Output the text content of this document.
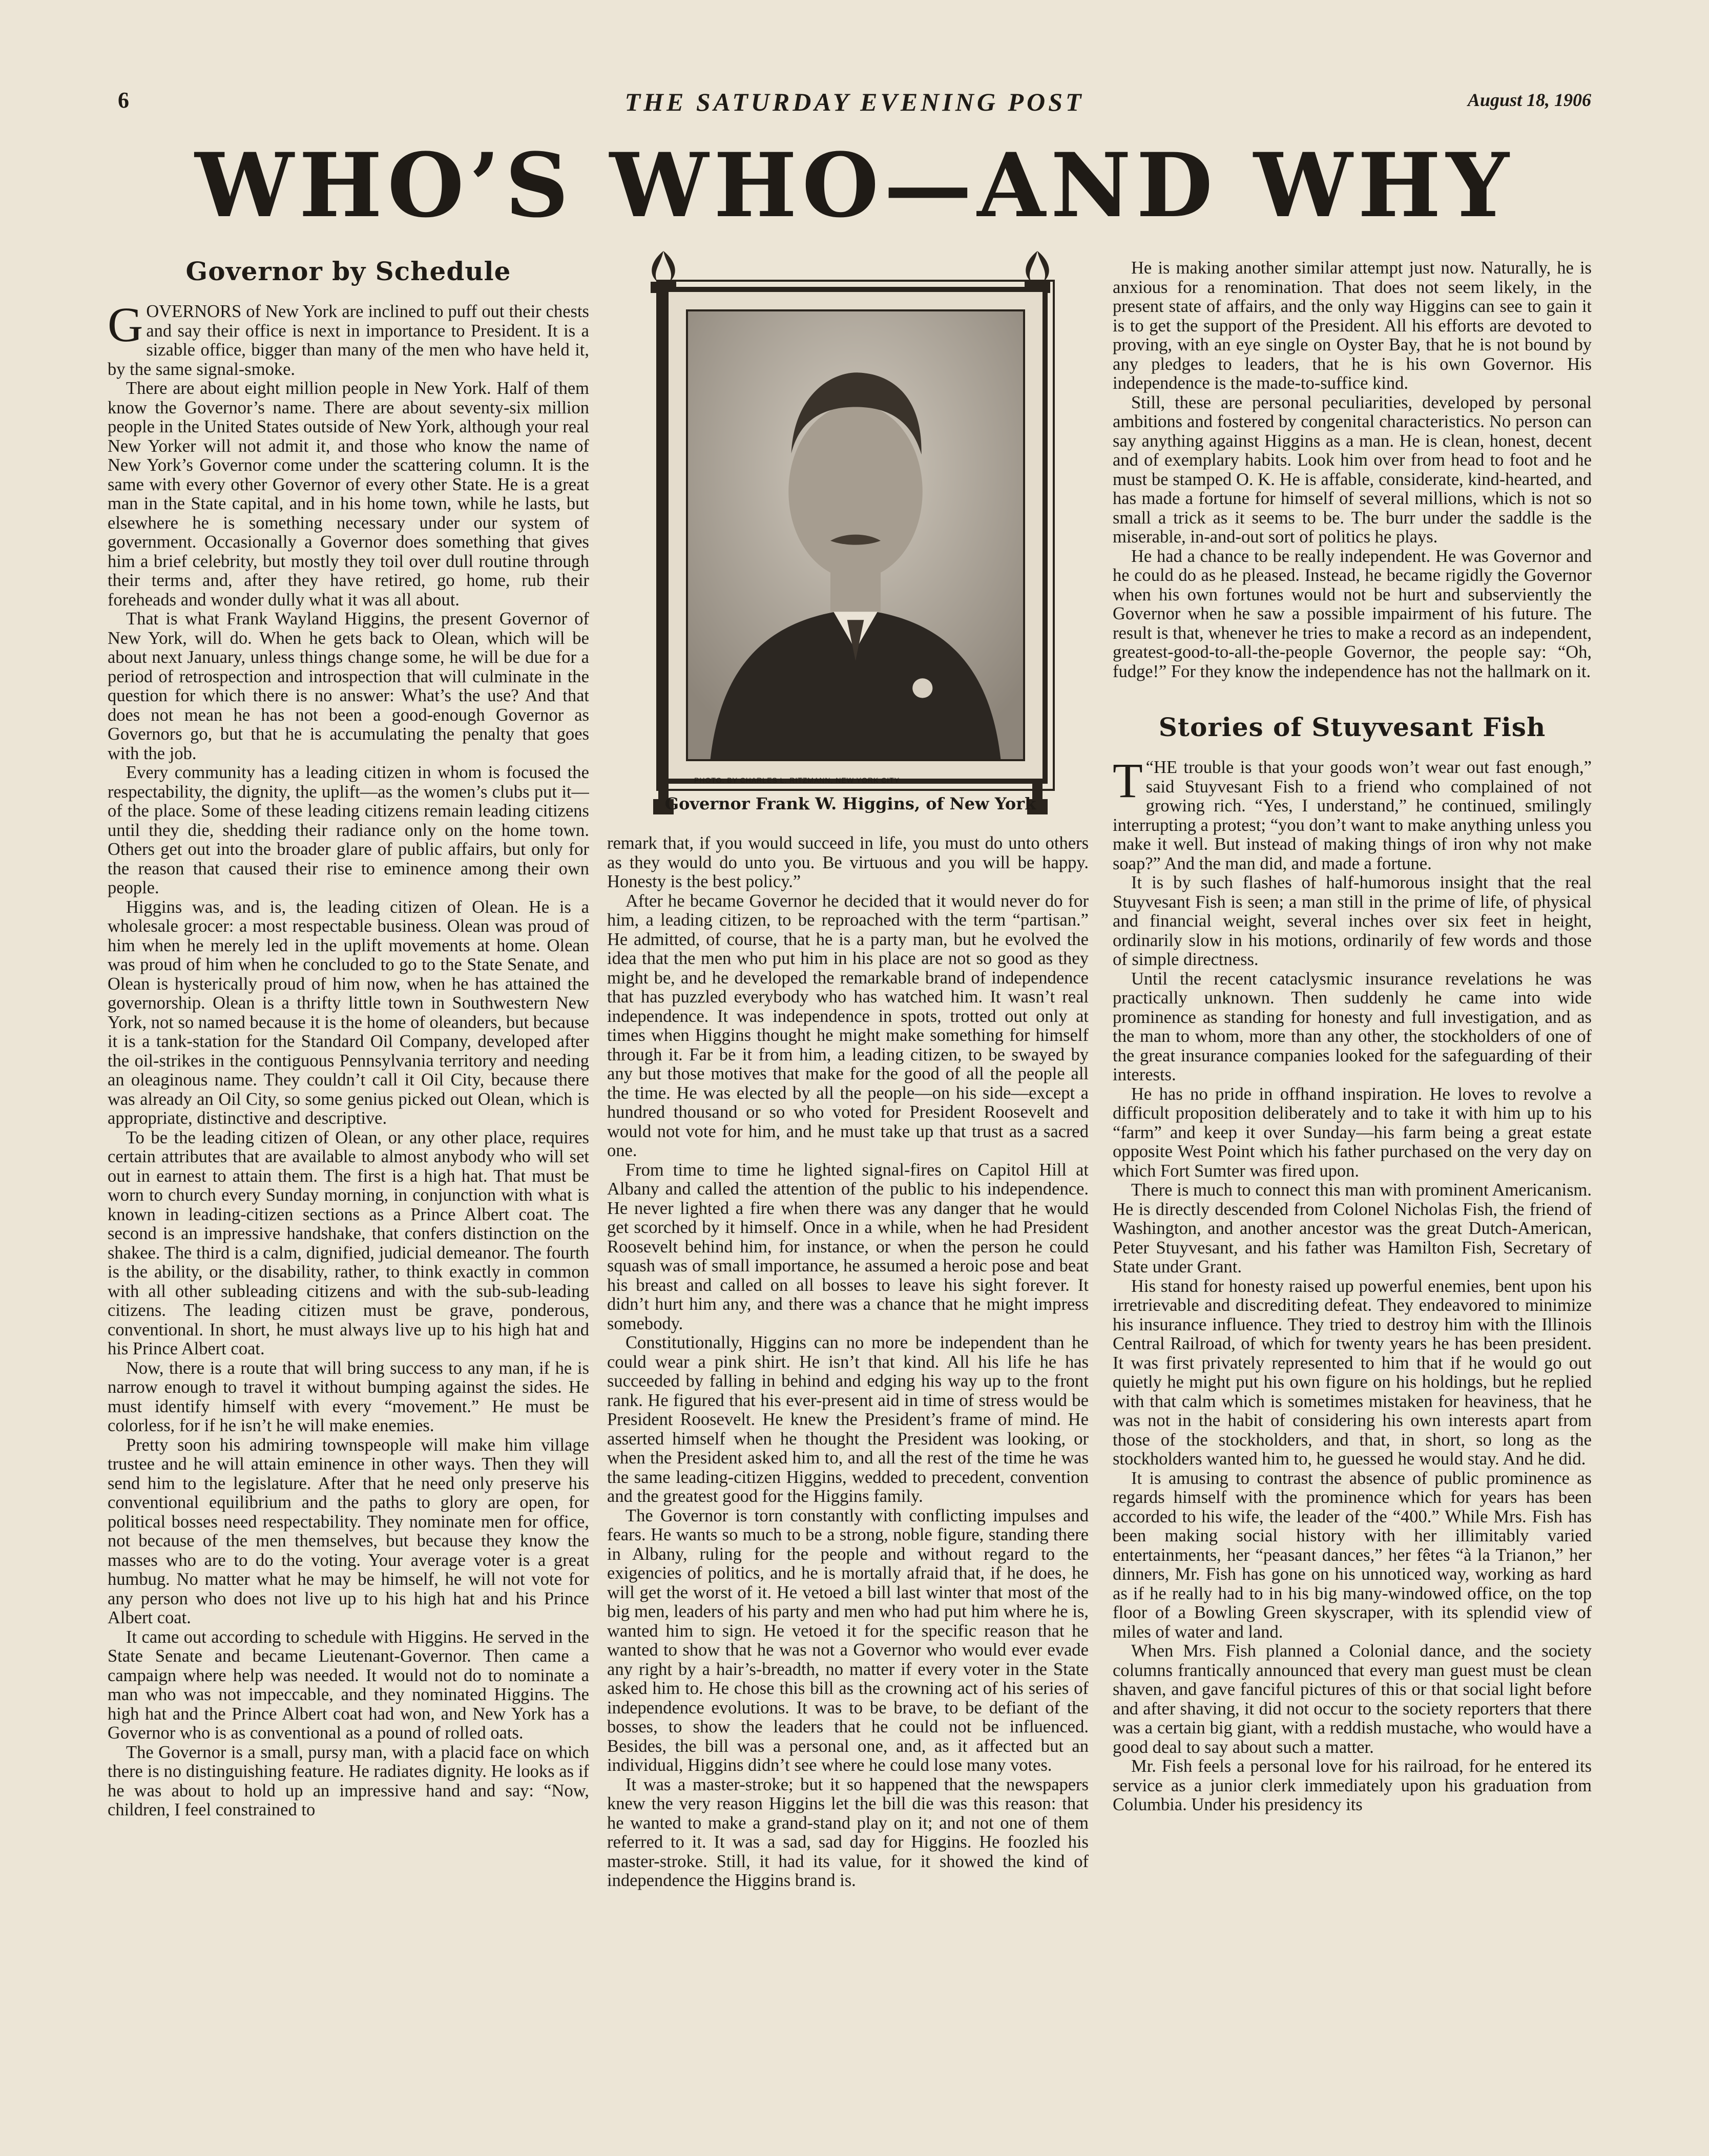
6	THE SATURDAY EVENING POST	August 18, 1906
WHO’S WHO—AND WHY
Governor by Schedule

GOVERNORS of New York are inclined to puff out their chests and say their office is next in importance to President. It is a sizable office, bigger than many of the men who have held it, by the same signal-smoke.

There are about eight million people in New York. Half of them know the Governor’s name. There are about seventy-six million people in the United States outside of New York, although your real New Yorker will not admit it, and those who know the name of New York’s Governor come under the scattering column. It is the same with every other Governor of every other State. He is a great man in the State capital, and in his home town, while he lasts, but elsewhere he is something necessary under our system of government. Occasionally a Governor does something that gives him a brief celebrity, but mostly they toil over dull routine through their terms and, after they have retired, go home, rub their foreheads and wonder dully what it was all about.

That is what Frank Wayland Higgins, the present Governor of New York, will do. When he gets back to Olean, which will be about next January, unless things change some, he will be due for a period of retrospection and introspection that will culminate in the question for which there is no answer: What’s the use? And that does not mean he has not been a good-enough Governor as Governors go, but that he is accumulating the penalty that goes with the job.

Every community has a leading citizen in whom is focused the respectability, the dignity, the uplift—as the women’s clubs put it—of the place. Some of these leading citizens remain leading citizens until they die, shedding their radiance only on the home town. Others get out into the broader glare of public affairs, but only for the reason that caused their rise to eminence among their own people.

Higgins was, and is, the leading citizen of Olean. He is a wholesale grocer: a most respectable business. Olean was proud of him when he merely led in the uplift movements at home. Olean was proud of him when he concluded to go to the State Senate, and Olean is hysterically proud of him now, when he has attained the governorship. Olean is a thrifty little town in Southwestern New York, not so named because it is the home of oleanders, but because it is a tank-station for the Standard Oil Company, developed after the oil-strikes in the contiguous Pennsylvania territory and needing an oleaginous name. They couldn’t call it Oil City, because there was already an Oil City, so some genius picked out Olean, which is appropriate, distinctive and descriptive.

To be the leading citizen of Olean, or any other place, requires certain attributes that are available to almost anybody who will set out in earnest to attain them. The first is a high hat. That must be worn to church every Sunday morning, in conjunction with what is known in leading-citizen sections as a Prince Albert coat. The second is an impressive handshake, that confers distinction on the shakee. The third is a calm, dignified, judicial demeanor. The fourth is the ability, or the disability, rather, to think exactly in common with all other subleading citizens and with the sub-sub-leading citizens. The leading citizen must be grave, ponderous, conventional. In short, he must always live up to his high hat and his Prince Albert coat.

Now, there is a route that will bring success to any man, if he is narrow enough to travel it without bumping against the sides. He must identify himself with every “movement.” He must be colorless, for if he isn’t he will make enemies.

Pretty soon his admiring townspeople will make him village trustee and he will attain eminence in other ways. Then they will send him to the legislature. After that he need only preserve his conventional equilibrium and the paths to glory are open, for political bosses need respectability. They nominate men for office, not because of the men themselves, but because they know the masses who are to do the voting. Your average voter is a great humbug. No matter what he may be himself, he will not vote for any person who does not live up to his high hat and his Prince Albert coat.

It came out according to schedule with Higgins. He served in the State Senate and became Lieutenant-Governor. Then came a campaign where help was needed. It would not do to nominate a man who was not impeccable, and they nominated Higgins. The high hat and the Prince Albert coat had won, and New York has a Governor who is as conventional as a pound of rolled oats.

The Governor is a small, pursy man, with a placid face on which there is no distinguishing feature. He radiates dignity. He looks as if he was about to hold up an impressive hand and say: “Now, children, I feel constrained to

PHOTO. BY CHARLES L. RITZMANN, NEW YORK CITY
Governor Frank W. Higgins, of New York

remark that, if you would succeed in life, you must do unto others as they would do unto you. Be virtuous and you will be happy. Honesty is the best policy.”

After he became Governor he decided that it would never do for him, a leading citizen, to be reproached with the term “partisan.” He admitted, of course, that he is a party man, but he evolved the idea that the men who put him in his place are not so good as they might be, and he developed the remarkable brand of independence that has puzzled everybody who has watched him. It wasn’t real independence. It was independence in spots, trotted out only at times when Higgins thought he might make something for himself through it. Far be it from him, a leading citizen, to be swayed by any but those motives that make for the good of all the people all the time. He was elected by all the people—on his side—except a hundred thousand or so who voted for President Roosevelt and would not vote for him, and he must take up that trust as a sacred one.

From time to time he lighted signal-fires on Capitol Hill at Albany and called the attention of the public to his independence. He never lighted a fire when there was any danger that he would get scorched by it himself. Once in a while, when he had President Roosevelt behind him, for instance, or when the person he could squash was of small importance, he assumed a heroic pose and beat his breast and called on all bosses to leave his sight forever. It didn’t hurt him any, and there was a chance that he might impress somebody.

Constitutionally, Higgins can no more be independent than he could wear a pink shirt. He isn’t that kind. All his life he has succeeded by falling in behind and edging his way up to the front rank. He figured that his ever-present aid in time of stress would be President Roosevelt. He knew the President’s frame of mind. He asserted himself when he thought the President was looking, or when the President asked him to, and all the rest of the time he was the same leading-citizen Higgins, wedded to precedent, convention and the greatest good for the Higgins family.

The Governor is torn constantly with conflicting impulses and fears. He wants so much to be a strong, noble figure, standing there in Albany, ruling for the people and without regard to the exigencies of politics, and he is mortally afraid that, if he does, he will get the worst of it. He vetoed a bill last winter that most of the big men, leaders of his party and men who had put him where he is, wanted him to sign. He vetoed it for the specific reason that he wanted to show that he was not a Governor who would ever evade any right by a hair’s-breadth, no matter if every voter in the State asked him to. He chose this bill as the crowning act of his series of independence evolutions. It was to be brave, to be defiant of the bosses, to show the leaders that he could not be influenced. Besides, the bill was a personal one, and, as it affected but an individual, Higgins didn’t see where he could lose many votes.

It was a master-stroke; but it so happened that the newspapers knew the very reason Higgins let the bill die was this reason: that he wanted to make a grand-stand play on it; and not one of them referred to it. It was a sad, sad day for Higgins. He foozled his master-stroke. Still, it had its value, for it showed the kind of independence the Higgins brand is.

He is making another similar attempt just now. Naturally, he is anxious for a renomination. That does not seem likely, in the present state of affairs, and the only way Higgins can see to gain it is to get the support of the President. All his efforts are devoted to proving, with an eye single on Oyster Bay, that he is not bound by any pledges to leaders, that he is his own Governor. His independence is the made-to-suffice kind.

Still, these are personal peculiarities, developed by personal ambitions and fostered by congenital characteristics. No person can say anything against Higgins as a man. He is clean, honest, decent and of exemplary habits. Look him over from head to foot and he must be stamped O. K. He is affable, considerate, kind-hearted, and has made a fortune for himself of several millions, which is not so small a trick as it seems to be. The burr under the saddle is the miserable, in-and-out sort of politics he plays.

He had a chance to be really independent. He was Governor and he could do as he pleased. Instead, he became rigidly the Governor when his own fortunes would not be hurt and subserviently the Governor when he saw a possible impairment of his future. The result is that, whenever he tries to make a record as an independent, greatest-good-to-all-the-people Governor, the people say: “Oh, fudge!” For they know the independence has not the hallmark on it.

Stories of Stuyvesant Fish

“
T HE trouble is that your goods won’t wear out fast enough,” said Stuyvesant Fish to a friend who complained of not growing rich. “Yes, I understand,” he continued, smilingly interrupting a protest; “you don’t want to make anything unless you make it well. But instead of making things of iron why not make soap?” And the man did, and made a fortune.

It is by such flashes of half-humorous insight that the real Stuyvesant Fish is seen; a man still in the prime of life, of physical and financial weight, several inches over six feet in height, ordinarily slow in his motions, ordinarily of few words and those of simple directness.

Until the recent cataclysmic insurance revelations he was practically unknown. Then suddenly he came into wide prominence as standing for honesty and full investigation, and as the man to whom, more than any other, the stockholders of one of the great insurance companies looked for the safeguarding of their interests.

He has no pride in offhand inspiration. He loves to revolve a difficult proposition deliberately and to take it with him up to his “farm” and keep it over Sunday—his farm being a great estate opposite West Point which his father purchased on the very day on which Fort Sumter was fired upon.

There is much to connect this man with prominent Americanism. He is directly descended from Colonel Nicholas Fish, the friend of Washington, and another ancestor was the great Dutch-American, Peter Stuyvesant, and his father was Hamilton Fish, Secretary of State under Grant.

His stand for honesty raised up powerful enemies, bent upon his irretrievable and discrediting defeat. They endeavored to minimize his insurance influence. They tried to destroy him with the Illinois Central Railroad, of which for twenty years he has been president. It was first privately represented to him that if he would go out quietly he might put his own figure on his holdings, but he replied with that calm which is sometimes mistaken for heaviness, that he was not in the habit of considering his own interests apart from those of the stockholders, and that, in short, so long as the stockholders wanted him to, he guessed he would stay. And he did.

It is amusing to contrast the absence of public prominence as regards himself with the prominence which for years has been accorded to his wife, the leader of the “400.” While Mrs. Fish has been making social history with her illimitably varied entertainments, her “peasant dances,” her fêtes “à la Trianon,” her dinners, Mr. Fish has gone on his unnoticed way, working as hard as if he really had to in his big many-windowed office, on the top floor of a Bowling Green skyscraper, with its splendid view of miles of water and land.

When Mrs. Fish planned a Colonial dance, and the society columns frantically announced that every man guest must be clean shaven, and gave fanciful pictures of this or that social light before and after shaving, it did not occur to the society reporters that there was a certain big giant, with a reddish mustache, who would have a good deal to say about such a matter.

Mr. Fish feels a personal love for his railroad, for he entered its service as a junior clerk immediately upon his graduation from Columbia. Under his presidency its
